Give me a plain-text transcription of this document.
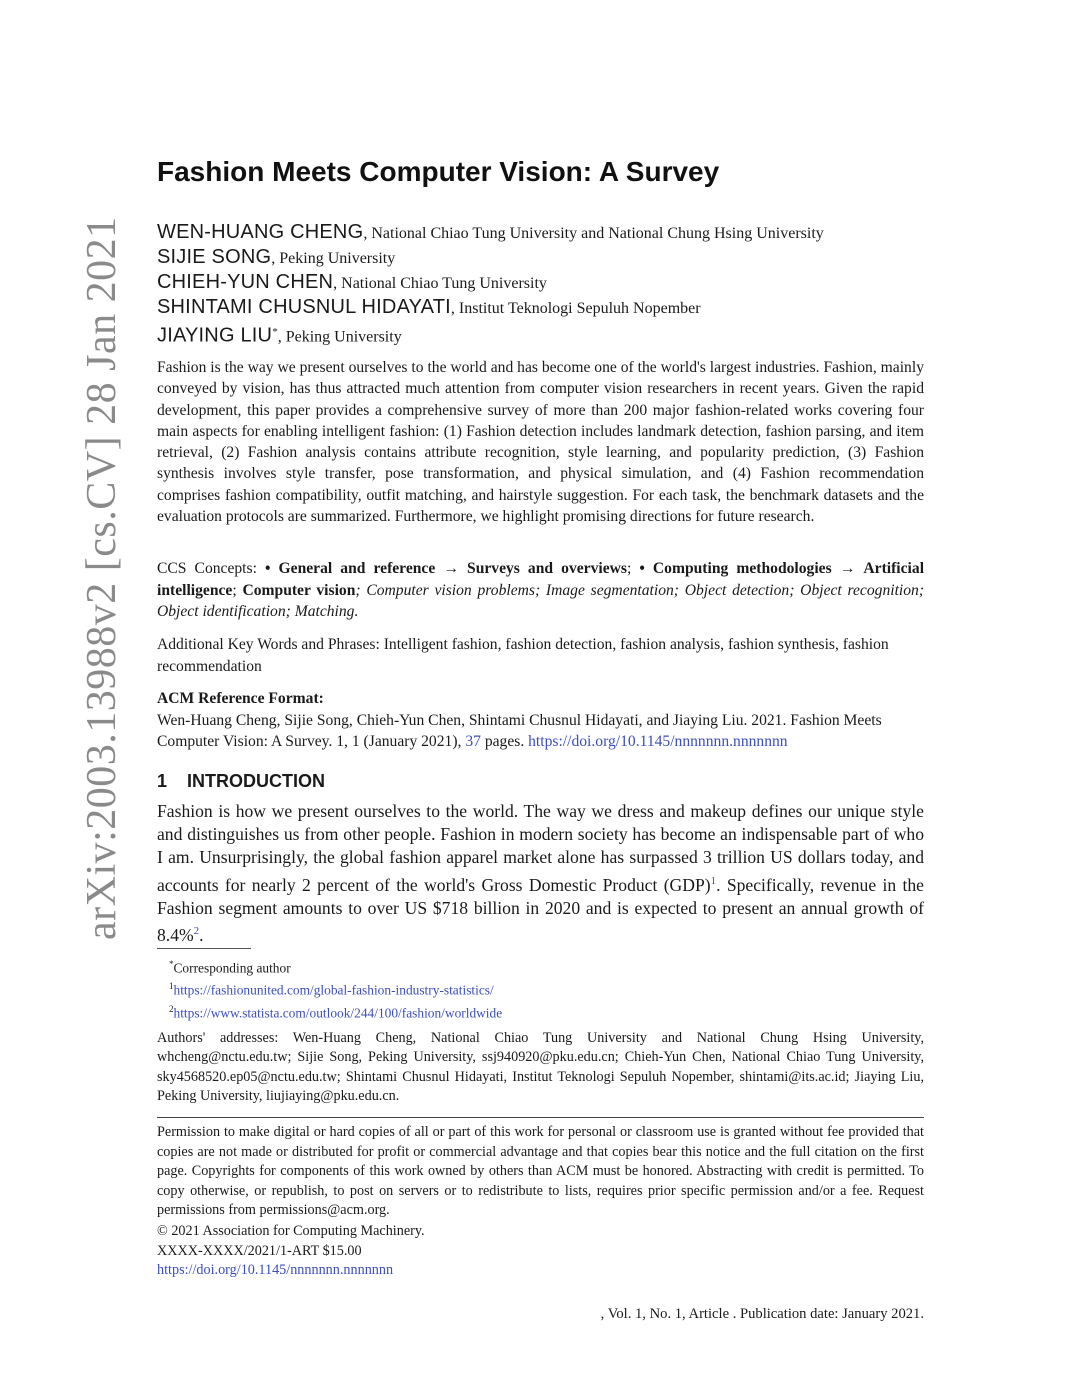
arXiv:2003.13988v2 [cs.CV] 28 Jan 2021
Fashion Meets Computer Vision: A Survey
WEN-HUANG CHENG, National Chiao Tung University and National Chung Hsing University
SIJIE SONG, Peking University
CHIEH-YUN CHEN, National Chiao Tung University
SHINTAMI CHUSNUL HIDAYATI, Institut Teknologi Sepuluh Nopember
JIAYING LIU*, Peking University
Fashion is the way we present ourselves to the world and has become one of the world's largest industries. Fashion, mainly conveyed by vision, has thus attracted much attention from computer vision researchers in recent years. Given the rapid development, this paper provides a comprehensive survey of more than 200 major fashion-related works covering four main aspects for enabling intelligent fashion: (1) Fashion detection includes landmark detection, fashion parsing, and item retrieval, (2) Fashion analysis contains attribute recognition, style learning, and popularity prediction, (3) Fashion synthesis involves style transfer, pose transformation, and physical simulation, and (4) Fashion recommendation comprises fashion compatibility, outfit matching, and hairstyle suggestion. For each task, the benchmark datasets and the evaluation protocols are summarized. Furthermore, we highlight promising directions for future research.
CCS Concepts: • General and reference → Surveys and overviews; • Computing methodologies → Artificial intelligence; Computer vision; Computer vision problems; Image segmentation; Object detection; Object recognition; Object identification; Matching.
Additional Key Words and Phrases: Intelligent fashion, fashion detection, fashion analysis, fashion synthesis, fashion recommendation
ACM Reference Format:
Wen-Huang Cheng, Sijie Song, Chieh-Yun Chen, Shintami Chusnul Hidayati, and Jiaying Liu. 2021. Fashion Meets Computer Vision: A Survey. 1, 1 (January 2021), 37 pages. https://doi.org/10.1145/nnnnnnn.nnnnnnn
1 INTRODUCTION
Fashion is how we present ourselves to the world. The way we dress and makeup defines our unique style and distinguishes us from other people. Fashion in modern society has become an indispensable part of who I am. Unsurprisingly, the global fashion apparel market alone has surpassed 3 trillion US dollars today, and accounts for nearly 2 percent of the world's Gross Domestic Product (GDP)$^1$. Specifically, revenue in the Fashion segment amounts to over US $718 billion in 2020 and is expected to present an annual growth of 8.4%$^2$.
*Corresponding author
$^1$https://fashionunited.com/global-fashion-industry-statistics/
$^2$https://www.statista.com/outlook/244/100/fashion/worldwide
Authors' addresses: Wen-Huang Cheng, National Chiao Tung University and National Chung Hsing University, whcheng@nctu.edu.tw; Sijie Song, Peking University, ssj940920@pku.edu.cn; Chieh-Yun Chen, National Chiao Tung University, sky4568520.ep05@nctu.edu.tw; Shintami Chusnul Hidayati, Institut Teknologi Sepuluh Nopember, shintami@its.ac.id; Jiaying Liu, Peking University, liujiaying@pku.edu.cn.
Permission to make digital or hard copies of all or part of this work for personal or classroom use is granted without fee provided that copies are not made or distributed for profit or commercial advantage and that copies bear this notice and the full citation on the first page. Copyrights for components of this work owned by others than ACM must be honored. Abstracting with credit is permitted. To copy otherwise, or republish, to post on servers or to redistribute to lists, requires prior specific permission and/or a fee. Request permissions from permissions@acm.org.
© 2021 Association for Computing Machinery.
XXXX-XXXX/2021/1-ART $15.00
https://doi.org/10.1145/nnnnnnn.nnnnnnn
, Vol. 1, No. 1, Article . Publication date: January 2021.
